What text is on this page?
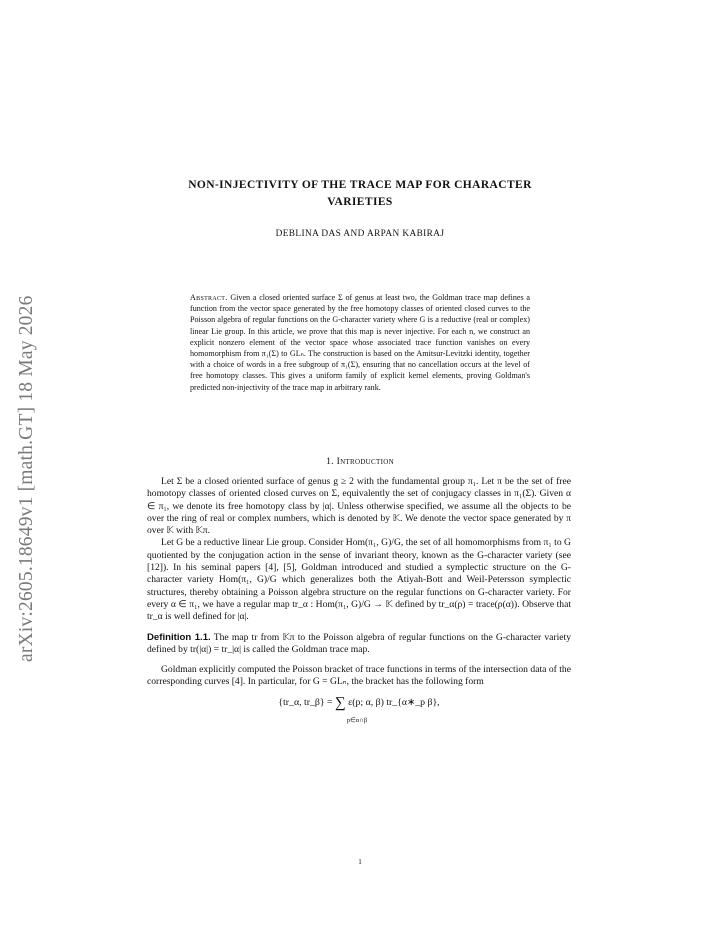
arXiv:2605.18649v1 [math.GT] 18 May 2026
NON-INJECTIVITY OF THE TRACE MAP FOR CHARACTER
VARIETIES
DEBLINA DAS AND ARPAN KABIRAJ
Abstract. Given a closed oriented surface Σ of genus at least two, the Goldman trace map defines a function from the vector space generated by the free homotopy classes of oriented closed curves to the Poisson algebra of regular functions on the G-character variety where G is a reductive (real or complex) linear Lie group. In this article, we prove that this map is never injective. For each n, we construct an explicit nonzero element of the vector space whose associated trace function vanishes on every homomorphism from π₁(Σ) to GLₙ. The construction is based on the Amitsur-Levitzki identity, together with a choice of words in a free subgroup of π₁(Σ), ensuring that no cancellation occurs at the level of free homotopy classes. This gives a uniform family of explicit kernel elements, proving Goldman's predicted non-injectivity of the trace map in arbitrary rank.
1. Introduction

Let Σ be a closed oriented surface of genus g ≥ 2 with the fundamental group π₁. Let π be the set of free homotopy classes of oriented closed curves on Σ, equivalently the set of conjugacy classes in π₁(Σ). Given α ∈ π₁, we denote its free homotopy class by |α|. Unless otherwise specified, we assume all the objects to be over the ring of real or complex numbers, which is denoted by 𝕂. We denote the vector space generated by π over 𝕂 with 𝕂π.

Let G be a reductive linear Lie group. Consider Hom(π₁, G)/G, the set of all homomorphisms from π₁ to G quotiented by the conjugation action in the sense of invariant theory, known as the G-character variety (see [12]). In his seminal papers [4], [5], Goldman introduced and studied a symplectic structure on the G-character variety Hom(π₁, G)/G which generalizes both the Atiyah-Bott and Weil-Petersson symplectic structures, thereby obtaining a Poisson algebra structure on the regular functions on G-character variety. For every α ∈ π₁, we have a regular map tr_α : Hom(π₁, G)/G → 𝕂 defined by tr_α(ρ) = trace(ρ(α)). Observe that tr_α is well defined for |α|.

Definition 1.1. The map tr from 𝕂π to the Poisson algebra of regular functions on the G-character variety defined by tr(|α|) = tr_|α| is called the Goldman trace map.

Goldman explicitly computed the Poisson bracket of trace functions in terms of the intersection data of the corresponding curves [4]. In particular, for G = GLₙ, the bracket has the following form

{tr_α, tr_β} = ∑ ε(p; α, β) tr_{α∗_p β},
p∈α∩β
1
